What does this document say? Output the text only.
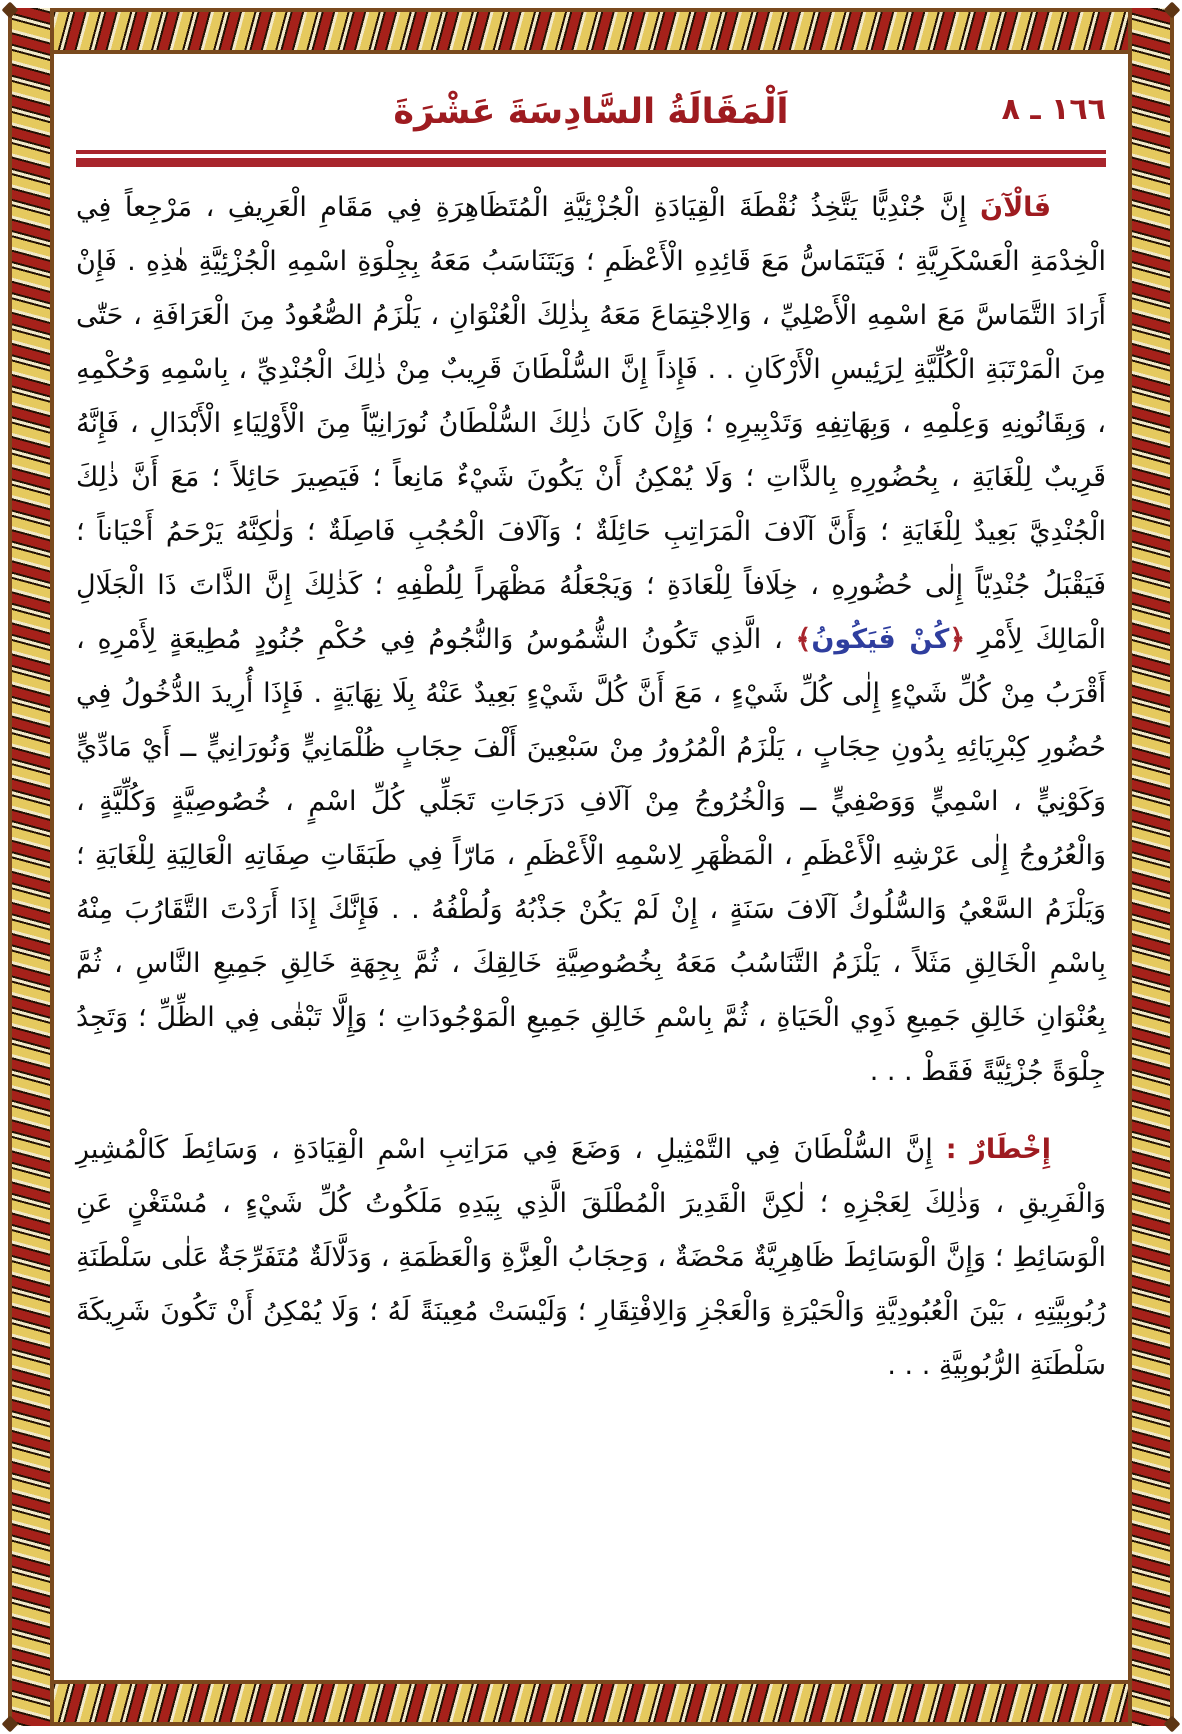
١٦٦ ـ ٨
اَلْمَقَالَةُ السَّادِسَةَ عَشْرَةَ

فَالْآنَ إِنَّ جُنْدِيًّا يَتَّخِذُ نُقْطَةَ الْقِيَادَةِ الْجُزْئِيَّةِ الْمُتَظَاهِرَةِ فِي مَقَامِ الْعَرِيفِ ، مَرْجِعاً فِي الْخِدْمَةِ الْعَسْكَرِيَّةِ ؛ فَيَتَمَاسُّ مَعَ قَائِدِهِ الْأَعْظَمِ ؛ وَيَتَنَاسَبُ مَعَهُ بِجِلْوَةِ اسْمِهِ الْجُزْئِيَّةِ هٰذِهِ . فَإِنْ أَرَادَ التَّمَاسَّ مَعَ اسْمِهِ الْأَصْلِيِّ ، وَالِاجْتِمَاعَ مَعَهُ بِذٰلِكَ الْعُنْوَانِ ، يَلْزَمُ الصُّعُودُ مِنَ الْعَرَافَةِ ، حَتّٰى مِنَ الْمَرْتَبَةِ الْكُلِّيَّةِ لِرَئِيسِ الْأَرْكَانِ . . فَإِذاً إِنَّ السُّلْطَانَ قَرِيبٌ مِنْ ذٰلِكَ الْجُنْدِيِّ ، بِاسْمِهِ وَحُكْمِهِ ، وَبِقَانُونِهِ وَعِلْمِهِ ، وَبِهَاتِفِهِ وَتَدْبِيرِهِ ؛ وَإِنْ كَانَ ذٰلِكَ السُّلْطَانُ نُورَانِيّاً مِنَ الْأَوْلِيَاءِ الْأَبْدَالِ ، فَإِنَّهُ قَرِيبٌ لِلْغَايَةِ ، بِحُضُورِهِ بِالذَّاتِ ؛ وَلَا يُمْكِنُ أَنْ يَكُونَ شَيْءٌ مَانِعاً ؛ فَيَصِيرَ حَائِلاً ؛ مَعَ أَنَّ ذٰلِكَ الْجُنْدِيَّ بَعِيدٌ لِلْغَايَةِ ؛ وَأَنَّ آلَافَ الْمَرَاتِبِ حَائِلَةٌ ؛ وَآلَافَ الْحُجُبِ فَاصِلَةٌ ؛ وَلٰكِنَّهُ يَرْحَمُ أَحْيَاناً ؛ فَيَقْبَلُ جُنْدِيّاً إِلٰى حُضُورِهِ ، خِلَافاً لِلْعَادَةِ ؛ وَيَجْعَلُهُ مَظْهَراً لِلُطْفِهِ ؛ كَذٰلِكَ إِنَّ الذَّاتَ ذَا الْجَلَالِ الْمَالِكَ لِأَمْرِ ﴿كُنْ فَيَكُونُ﴾ ، الَّذِي تَكُونُ الشُّمُوسُ وَالنُّجُومُ فِي حُكْمِ جُنُودٍ مُطِيعَةٍ لِأَمْرِهِ ، أَقْرَبُ مِنْ كُلِّ شَيْءٍ إِلٰى كُلِّ شَيْءٍ ، مَعَ أَنَّ كُلَّ شَيْءٍ بَعِيدٌ عَنْهُ بِلَا نِهَايَةٍ . فَإِذَا أُرِيدَ الدُّخُولُ فِي حُضُورِ كِبْرِيَائِهِ بِدُونِ حِجَابٍ ، يَلْزَمُ الْمُرُورُ مِنْ سَبْعِينَ أَلْفَ حِجَابٍ ظُلْمَانِيٍّ وَنُورَانِيٍّ ــ أَيْ مَادِّيٍّ وَكَوْنِيٍّ ، اسْمِيٍّ وَوَصْفِيٍّ ــ وَالْخُرُوجُ مِنْ آلَافِ دَرَجَاتِ تَجَلِّي كُلِّ اسْمٍ ، خُصُوصِيَّةٍ وَكُلِّيَّةٍ ، وَالْعُرُوجُ إِلٰى عَرْشِهِ الْأَعْظَمِ ، الْمَظْهَرِ لِاسْمِهِ الْأَعْظَمِ ، مَارّاً فِي طَبَقَاتِ صِفَاتِهِ الْعَالِيَةِ لِلْغَايَةِ ؛ وَيَلْزَمُ السَّعْيُ وَالسُّلُوكُ آلَافَ سَنَةٍ ، إِنْ لَمْ يَكُنْ جَذْبُهُ وَلُطْفُهُ . . فَإِنَّكَ إِذَا أَرَدْتَ التَّقَارُبَ مِنْهُ بِاسْمِ الْخَالِقِ مَثَلاً ، يَلْزَمُ التَّنَاسُبُ مَعَهُ بِخُصُوصِيَّةِ خَالِقِكَ ، ثُمَّ بِجِهَةِ خَالِقِ جَمِيعِ النَّاسِ ، ثُمَّ بِعُنْوَانِ خَالِقِ جَمِيعِ ذَوِي الْحَيَاةِ ، ثُمَّ بِاسْمِ خَالِقِ جَمِيعِ الْمَوْجُودَاتِ ؛ وَإِلَّا تَبْقٰى فِي الظِّلِّ ؛ وَتَجِدُ جِلْوَةً جُزْئِيَّةً فَقَطْ . . .

إِخْطَارٌ : إِنَّ السُّلْطَانَ فِي التَّمْثِيلِ ، وَضَعَ فِي مَرَاتِبِ اسْمِ الْقِيَادَةِ ، وَسَائِطَ كَالْمُشِيرِ وَالْفَرِيقِ ، وَذٰلِكَ لِعَجْزِهِ ؛ لٰكِنَّ الْقَدِيرَ الْمُطْلَقَ الَّذِي بِيَدِهِ مَلَكُوتُ كُلِّ شَيْءٍ ، مُسْتَغْنٍ عَنِ الْوَسَائِطِ ؛ وَإِنَّ الْوَسَائِطَ ظَاهِرِيَّةٌ مَحْضَةٌ ، وَحِجَابُ الْعِزَّةِ وَالْعَظَمَةِ ، وَدَلَّالَةٌ مُتَفَرِّجَةٌ عَلٰى سَلْطَنَةِ رُبُوبِيَّتِهِ ، بَيْنَ الْعُبُودِيَّةِ وَالْحَيْرَةِ وَالْعَجْزِ وَالِافْتِقَارِ ؛ وَلَيْسَتْ مُعِينَةً لَهُ ؛ وَلَا يُمْكِنُ أَنْ تَكُونَ شَرِيكَةَ سَلْطَنَةِ الرُّبُوبِيَّةِ . . .
